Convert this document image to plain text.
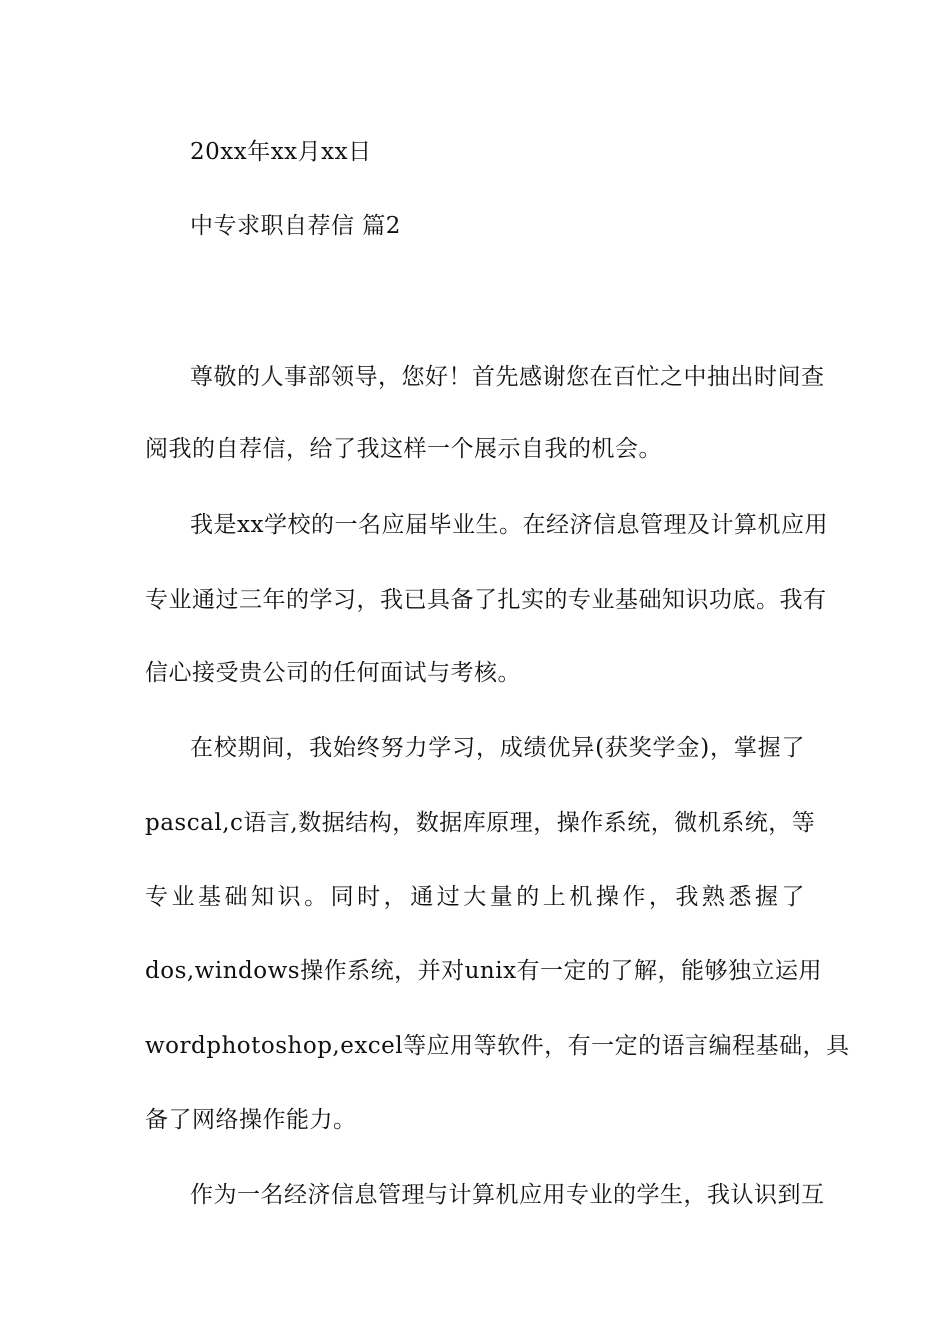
20xx年xx月xx日
中专求职自荐信 篇2
尊敬的人事部领导，您好！首先感谢您在百忙之中抽出时间查
阅我的自荐信，给了我这样一个展示自我的机会。
我是xx学校的一名应届毕业生。在经济信息管理及计算机应用
专业通过三年的学习，我已具备了扎实的专业基础知识功底。我有
信心接受贵公司的任何面试与考核。
在校期间，我始终努力学习，成绩优异(获奖学金)，掌握了
pascal,c语言,数据结构，数据库原理，操作系统，微机系统，等
专业基础知识。同时，通过大量的上机操作，我熟悉握了
dos,windows操作系统，并对unix有一定的了解，能够独立运用
wordphotoshop,excel等应用等软件，有一定的语言编程基础，具
备了网络操作能力。
作为一名经济信息管理与计算机应用专业的学生，我认识到互
